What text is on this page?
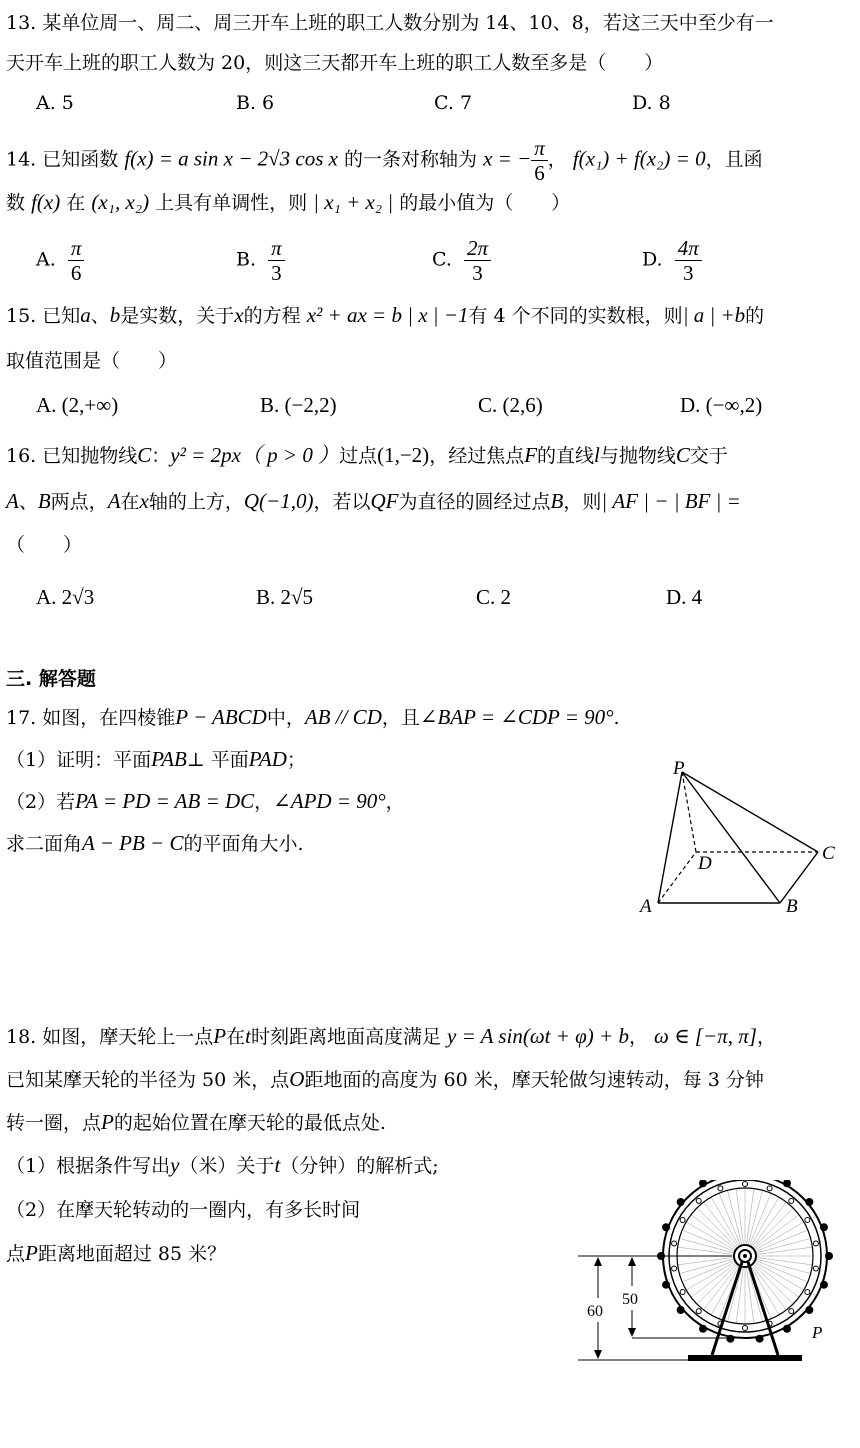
13. 某单位周一、周二、周三开车上班的职工人数分别为 14、10、8，若这三天中至少有一
天开车上班的职工人数为 20，则这三天都开车上班的职工人数至多是（　　）
A. 5	B. 6	C. 7	D. 8
14. 已知函数 f(x) = a sin x − 2√3 cos x 的一条对称轴为 x = − $\frac{\pi}{6}$ ， f(x₁) + f(x₂) = 0，且函
数 f(x) 在 (x₁, x₂) 上具有单调性，则 | x₁ + x₂ | 的最小值为（　　）
A. $\frac{\pi}{6}$	B. $\frac{\pi}{3}$	C. $\frac{2\pi}{3}$	D. $\frac{4\pi}{3}$
15. 已知a、b是实数，关于x的方程 x² + ax = b | x | −1有 4 个不同的实数根，则| a | +b的
取值范围是（　　）
A. (2,+∞)	B. (−2,2)	C. (2,6)	D. (−∞,2)
16. 已知抛物线C：y² = 2px（ p > 0 ）过点(1,−2)，经过焦点F的直线l与抛物线C交于
A、B两点，A在x轴的上方，Q(−1,0)，若以QF为直径的圆经过点B，则| AF | − | BF | =
（　　）
A. 2√3	B. 2√5	C. 2	D. 4
三. 解答题
17. 如图，在四棱锥P − ABCD中，AB // CD，且∠BAP = ∠CDP = 90°.
（1）证明：平面PAB⊥ 平面PAD；
（2）若PA = PD = AB = DC，∠APD = 90°，
求二面角A − PB − C的平面角大小.
P
D	C
A	B
18. 如图，摩天轮上一点P在t时刻距离地面高度满足 y = A sin(ωt + φ) + b， ω ∈ [−π, π]，
已知某摩天轮的半径为 50 米，点O距地面的高度为 60 米，摩天轮做匀速转动，每 3 分钟
转一圈，点P的起始位置在摩天轮的最低点处.
（1）根据条件写出y（米）关于t（分钟）的解析式;
（2）在摩天轮转动的一圈内，有多长时间
点P距离地面超过 85 米？
60
50
P
